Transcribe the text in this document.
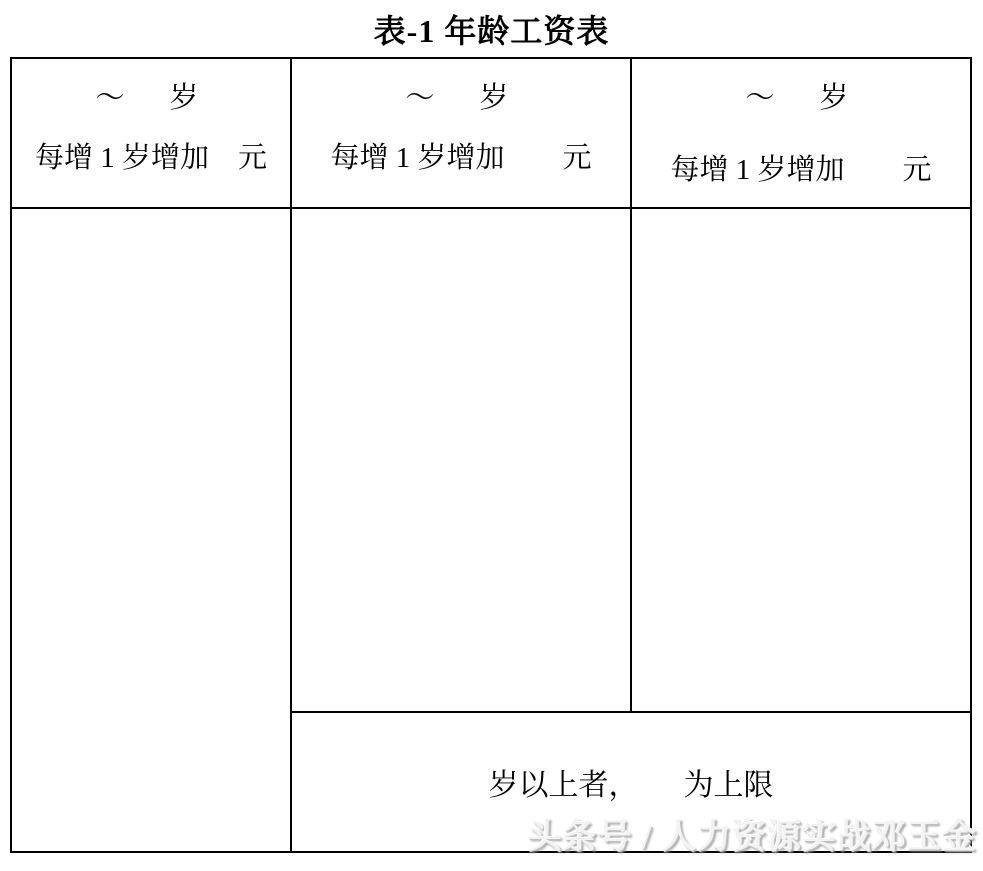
表-1 年龄工资表
～　岁
每增 1 岁增加　元
～　岁
每增 1 岁增加　　元
～　岁
每增 1 岁增加　　元
岁以上者，　　为上限
头条号 / 人力资源实战邓玉金
